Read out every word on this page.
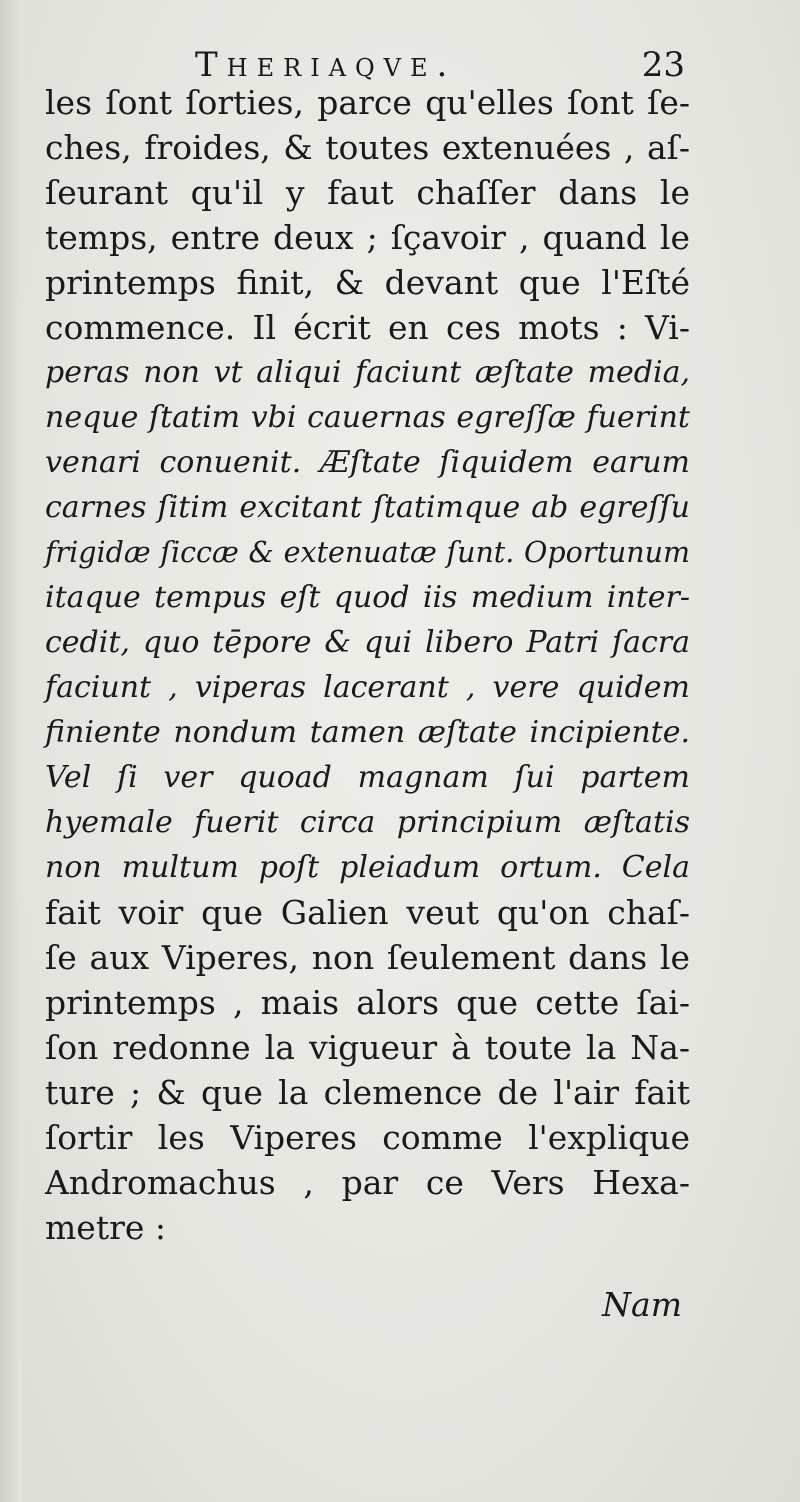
Theriaqve.	23
les ſont ſorties, parce qu'elles ſont ſe-
ches, froides, & toutes extenuées , aſ-
ſeurant qu'il y faut chaſſer dans le
temps, entre deux ; ſçavoir , quand le
printemps finit, & devant que l'Eſté
commence. Il écrit en ces mots : Vi-
peras non vt aliqui faciunt æſtate media,
neque ſtatim vbi cauernas egreſſæ fuerint
venari conuenit. Æſtate ſiquidem earum
carnes ſitim excitant ſtatimque ab egreſſu
frigidæ ſiccæ & extenuatæ ſunt. Oportunum
itaque tempus eſt quod iis medium inter-
cedit, quo tēpore & qui libero Patri ſacra
faciunt , viperas lacerant , vere quidem
finiente nondum tamen æſtate incipiente.
Vel ſi ver quoad magnam ſui partem
hyemale fuerit circa principium æſtatis
non multum poſt pleiadum ortum. Cela
fait voir que Galien veut qu'on chaſ-
ſe aux Viperes, non ſeulement dans le
printemps , mais alors que cette ſai-
ſon redonne la vigueur à toute la Na-
ture ; & que la clemence de l'air fait
ſortir les Viperes comme l'explique
Andromachus , par ce Vers Hexa-
metre :
Nam
